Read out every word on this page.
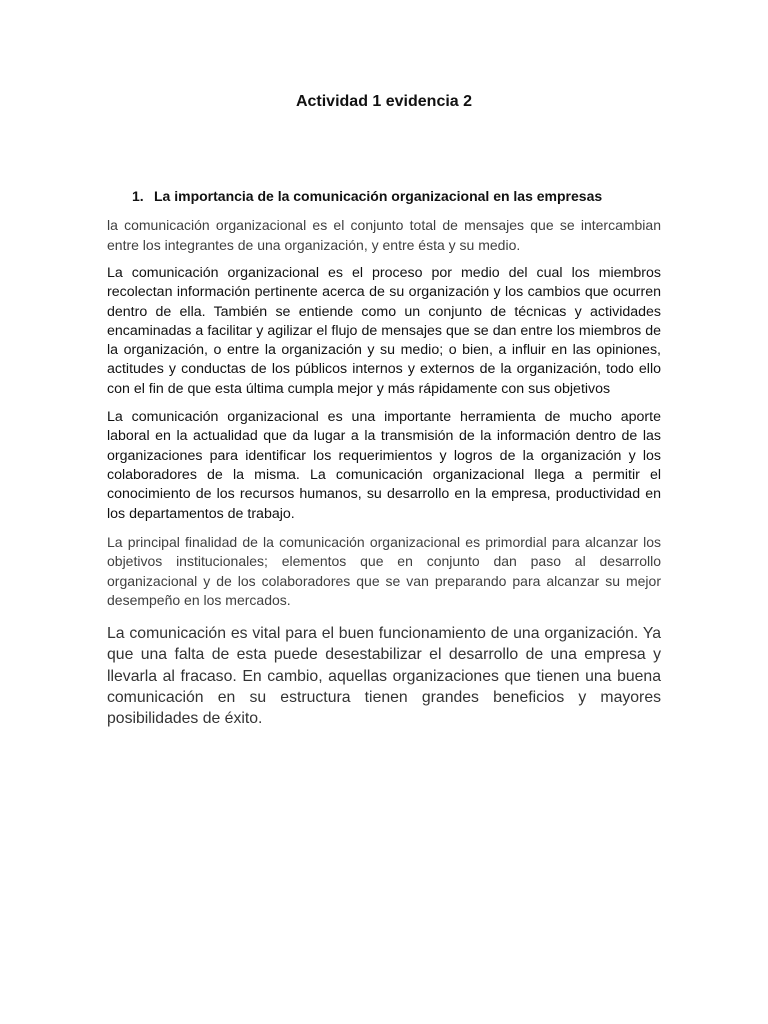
Actividad 1 evidencia 2
1. La importancia de la comunicación organizacional en las empresas

la comunicación organizacional es el conjunto total de mensajes que se intercambian entre los integrantes de una organización, y entre ésta y su medio.

La comunicación organizacional es el proceso por medio del cual los miembros recolectan información pertinente acerca de su organización y los cambios que ocurren dentro de ella. También se entiende como un conjunto de técnicas y actividades encaminadas a facilitar y agilizar el flujo de mensajes que se dan entre los miembros de la organización, o entre la organización y su medio; o bien, a influir en las opiniones, actitudes y conductas de los públicos internos y externos de la organización, todo ello con el fin de que esta última cumpla mejor y más rápidamente con sus objetivos

La comunicación organizacional es una importante herramienta de mucho aporte laboral en la actualidad que da lugar a la transmisión de la información dentro de las organizaciones para identificar los requerimientos y logros de la organización y los colaboradores de la misma. La comunicación organizacional llega a permitir el conocimiento de los recursos humanos, su desarrollo en la empresa, productividad en los departamentos de trabajo.

La principal finalidad de la comunicación organizacional es primordial para alcanzar los objetivos institucionales; elementos que en conjunto dan paso al desarrollo organizacional y de los colaboradores que se van preparando para alcanzar su mejor desempeño en los mercados.

La comunicación es vital para el buen funcionamiento de una organización. Ya que una falta de esta puede desestabilizar el desarrollo de una empresa y llevarla al fracaso. En cambio, aquellas organizaciones que tienen una buena comunicación en su estructura tienen grandes beneficios y mayores posibilidades de éxito.
